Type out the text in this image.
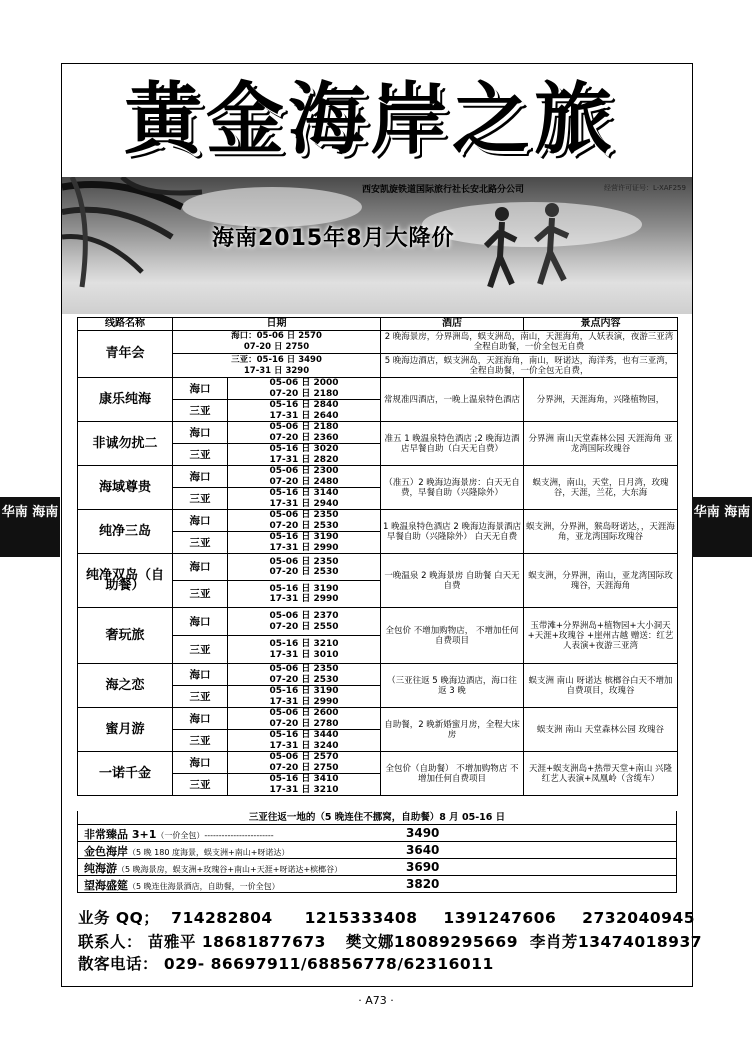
黄金海岸之旅
西安凯旋铁道国际旅行社长安北路分公司	经营许可证号：L-XAF259
海南2015年8月大降价
华南 海南	华南 海南
线路名称	日期		酒店	景点内容
青年会	海口：05-06 日 2570
07-20 日 2750		2 晚海景房，分界洲岛，蜈支洲岛，南山，天涯海角，人妖表演，夜游三亚湾全程自助餐，一价全包无自费	

	三亚：05-16 日 3490
17-31 日 3290		5 晚海边酒店，蜈支洲岛，天涯海角，南山，呀诺达，海洋秀，也有三亚湾，全程自助餐，一价全包无自费，	
康乐纯海	海口	05-06 日 2000
07-20 日 2180	常规准四酒店，一晚上温泉特色酒店	分界洲，天涯海角，兴隆植物园，
	三亚	05-16 日 2840
17-31 日 2640		

非诚勿扰二	海口	05-06 日 2180
07-20 日 2360	准五 1 晚温泉特色酒店 ;2 晚海边酒店早餐自助（白天无自费）	分界洲 南山天堂森林公园 天涯海角 亚龙湾国际玫瑰谷
	三亚	05-16 日 3020
17-31 日 2820		

海域尊贵	海口	05-06 日 2300
07-20 日 2480	（准五）2 晚海边海景房：白天无自费，早餐自助（兴隆除外）	蜈支洲，南山，天堂，日月湾，玫瑰谷，天涯，兰花，大东海
	三亚	05-16 日 3140
17-31 日 2940		

纯净三岛	海口	05-06 日 2350
07-20 日 2530	1 晚温泉特色酒店 2 晚海边海景酒店 早餐自助（兴隆除外） 白天无自费	蜈支洲，分界洲，猴岛呀诺达，，天涯海角，亚龙湾国际玫瑰谷
	三亚	05-16 日 3190
17-31 日 2990		

纯净双岛（自助餐）	海口	05-06 日 2350
07-20 日 2530	一晚温泉 2 晚海景房 自助餐 白天无自费	蜈支洲，分界洲，南山，亚龙湾国际玫瑰谷，天涯海角
	三亚	05-16 日 3190
17-31 日 2990		

奢玩旅	海口	05-06 日 2370
07-20 日 2550	全包价 不增加购物店， 不增加任何自费项目	玉带滩+分界洲岛+植物园+大小洞天+天涯+玫瑰谷 +崖州古越 赠送：红艺人表演+夜游三亚湾
	三亚	05-16 日 3210
17-31 日 3010		

海之恋	海口	05-06 日 2350
07-20 日 2530	（三亚往返 5 晚海边酒店，海口往返 3 晚	蜈支洲 南山 呀诺达 槟榔谷白天不增加自费项目，玫瑰谷
	三亚	05-16 日 3190
17-31 日 2990		

蜜月游	海口	05-06 日 2600
07-20 日 2780	自助餐，2 晚新婚蜜月房，全程大床房	蜈支洲 南山 天堂森林公园 玫瑰谷
	三亚	05-16 日 3440
17-31 日 3240		

一诺千金	海口	05-06 日 2570
07-20 日 2750	全包价（自助餐） 不增加购物店 不增加任何自费项目	天涯+蜈支洲岛+热带天堂+南山 兴隆红艺人表演+凤凰岭（含缆车）
	三亚	05-16 日 3410
17-31 日 3210		
三亚往返一地的（5 晚连住不挪窝，自助餐）8 月 05-16 日
非常臻品 3+1（一价全包）------------------------	3490
金色海岸（5 晚 180 度海景，蜈支洲+南山+呀诺达）	3640
纯海游（5 晚海景房，蜈支洲+玫瑰谷+南山+天涯+呀诺达+槟榔谷）	3690
望海盛筵（5 晚连住海景酒店，自助餐，一价全包）	3820
业务 QQ； 714282804 1215333408 1391247606 2732040945
联系人： 苗雅平 18681877673 樊文娜18089295669 李肖芳13474018937
散客电话： 029- 86697911/68856778/62316011
· A73 ·
